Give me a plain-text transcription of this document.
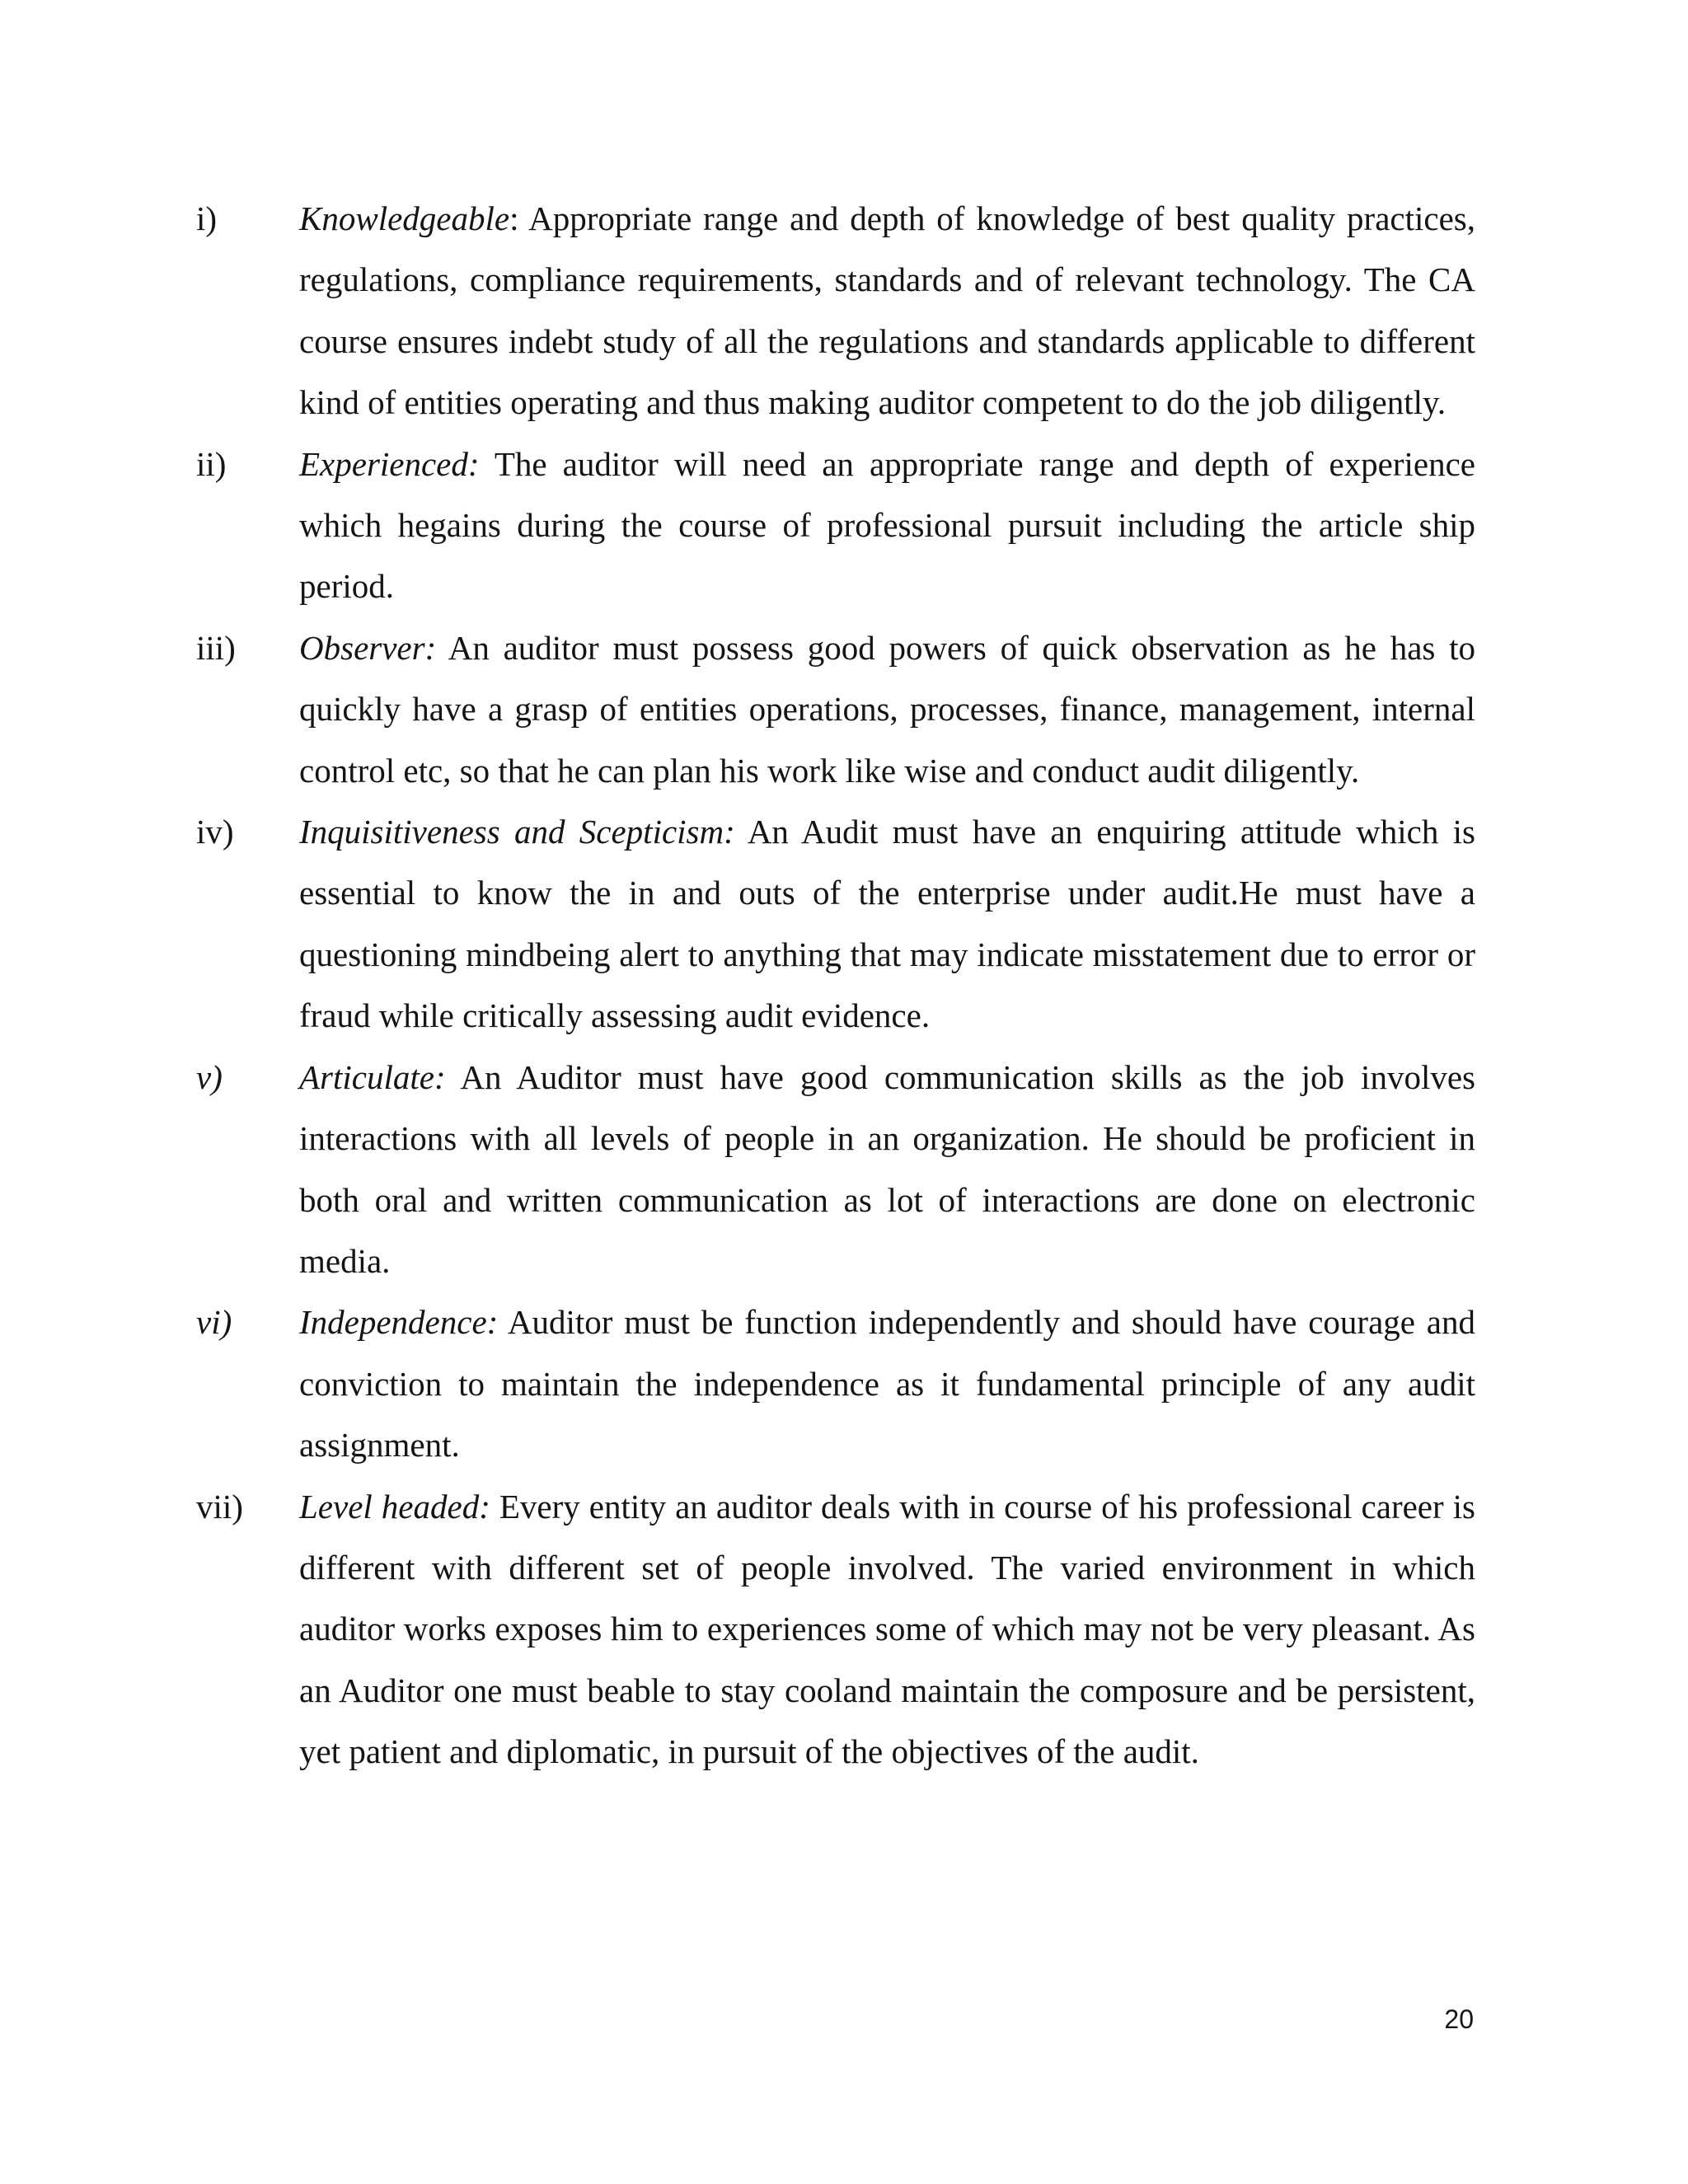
i)	Knowledgeable: Appropriate range and depth of knowledge of best quality practices, regulations, compliance requirements, standards and of relevant technology. The CA course ensures indebt study of all the regulations and standards applicable to different kind of entities operating and thus making auditor competent to do the job diligently.
ii)	Experienced: The auditor will need an appropriate range and depth of experience which hegains during the course of professional pursuit including the article ship period.
iii)	Observer: An auditor must possess good powers of quick observation as he has to quickly have a grasp of entities operations, processes, finance, management, internal control etc, so that he can plan his work like wise and conduct audit diligently.
iv)	Inquisitiveness and Scepticism: An Audit must have an enquiring attitude which is essential to know the in and outs of the enterprise under audit.He must have a questioning mindbeing alert to anything that may indicate misstatement due to error or fraud while critically assessing audit evidence.
v)	Articulate: An Auditor must have good communication skills as the job involves interactions with all levels of people in an organization. He should be proficient in both oral and written communication as lot of interactions are done on electronic media.
vi)	Independence: Auditor must be function independently and should have courage and conviction to maintain the independence as it fundamental principle of any audit assignment.
vii)	Level headed: Every entity an auditor deals with in course of his professional career is different with different set of people involved. The varied environment in which auditor works exposes him to experiences some of which may not be very pleasant. As an Auditor one must beable to stay cooland maintain the composure and be persistent, yet patient and diplomatic, in pursuit of the objectives of the audit.
20
